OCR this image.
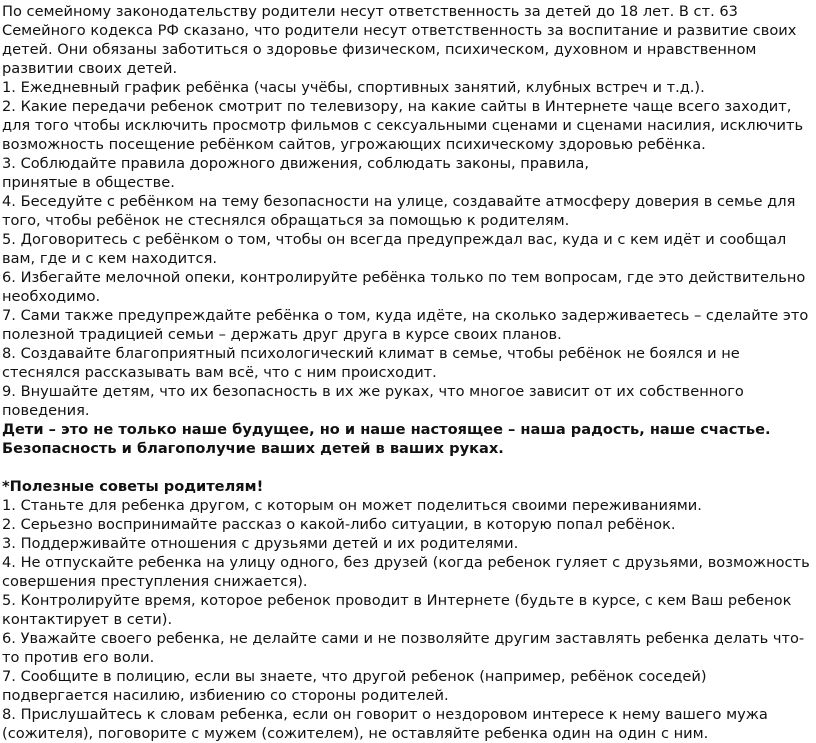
По семейному законодательству родители несут ответственность за детей до 18 лет. В ст. 63 Семейного кодекса РФ сказано, что родители несут ответственность за воспитание и развитие своих детей. Они обязаны заботиться о здоровье физическом, психическом, духовном и нравственном развитии своих детей.

1. Ежедневный график ребёнка (часы учёбы, спортивных занятий, клубных встреч и т.д.).

2. Какие передачи ребенок смотрит по телевизору, на какие сайты в Интернете чаще всего заходит, для того чтобы исключить просмотр фильмов с сексуальными сценами и сценами насилия, исключить возможность посещение ребёнком сайтов, угрожающих психическому здоровью ребёнка.

3. Соблюдайте правила дорожного движения, соблюдать законы, правила,

принятые в обществе.

4. Беседуйте с ребёнком на тему безопасности на улице, создавайте атмосферу доверия в семье для того, чтобы ребёнок не стеснялся обращаться за помощью к родителям.

5. Договоритесь с ребёнком о том, чтобы он всегда предупреждал вас, куда и с кем идёт и сообщал вам, где и с кем находится.

6. Избегайте мелочной опеки, контролируйте ребёнка только по тем вопросам, где это действительно необходимо.

7. Сами также предупреждайте ребёнка о том, куда идёте, на сколько задерживаетесь – сделайте это полезной традицией семьи – держать друг друга в курсе своих планов.

8. Создавайте благоприятный психологический климат в семье, чтобы ребёнок не боялся и не стеснялся рассказывать вам всё, что с ним происходит.

9. Внушайте детям, что их безопасность в их же руках, что многое зависит от их собственного поведения.

Дети – это не только наше будущее, но и наше настоящее – наша радость, наше счастье. Безопасность и благополучие ваших детей в ваших руках.

*Полезные советы родителям!

1. Станьте для ребенка другом, с которым он может поделиться своими переживаниями.

2. Серьезно воспринимайте рассказ о какой-либо ситуации, в которую попал ребёнок.

3. Поддерживайте отношения с друзьями детей и их родителями.

4. Не отпускайте ребенка на улицу одного, без друзей (когда ребенок гуляет с друзьями, возможность совершения преступления снижается).

5. Контролируйте время, которое ребенок проводит в Интернете (будьте в курсе, с кем Ваш ребенок контактирует в сети).

6. Уважайте своего ребенка, не делайте сами и не позволяйте другим заставлять ребенка делать что-то против его воли.

7. Сообщите в полицию, если вы знаете, что другой ребенок (например, ребёнок соседей) подвергается насилию, избиению со стороны родителей.

8. Прислушайтесь к словам ребенка, если он говорит о нездоровом интересе к нему вашего мужа (сожителя), поговорите с мужем (сожителем), не оставляйте ребенка один на один с ним.
